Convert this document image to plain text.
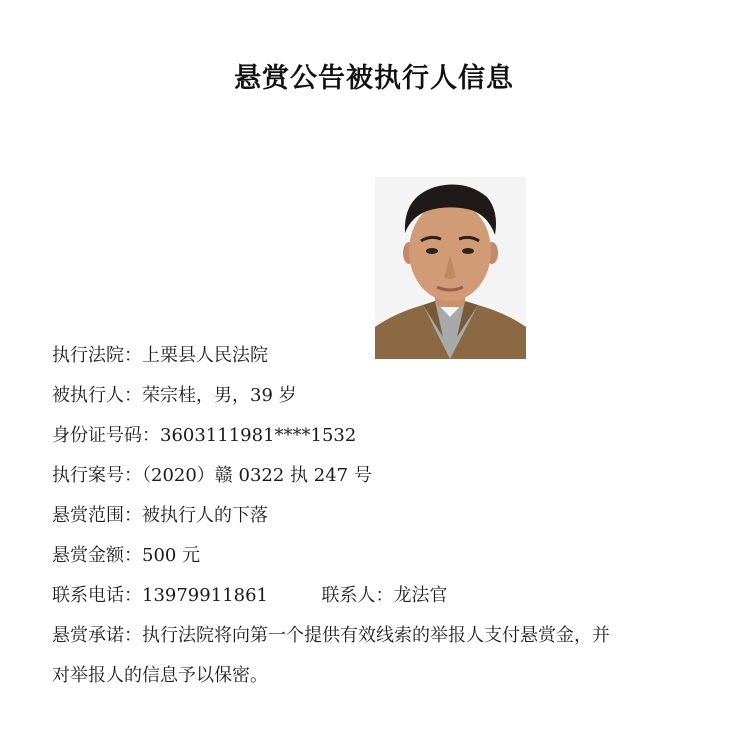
悬赏公告被执行人信息
执行法院：上栗县人民法院
被执行人：荣宗桂，男，39 岁
身份证号码：3603111981****1532
执行案号：（2020）赣 0322 执 247 号
悬赏范围：被执行人的下落
悬赏金额：500 元
联系电话：13979911861	联系人：龙法官
悬赏承诺：执行法院将向第一个提供有效线索的举报人支付悬赏金，并
对举报人的信息予以保密。
